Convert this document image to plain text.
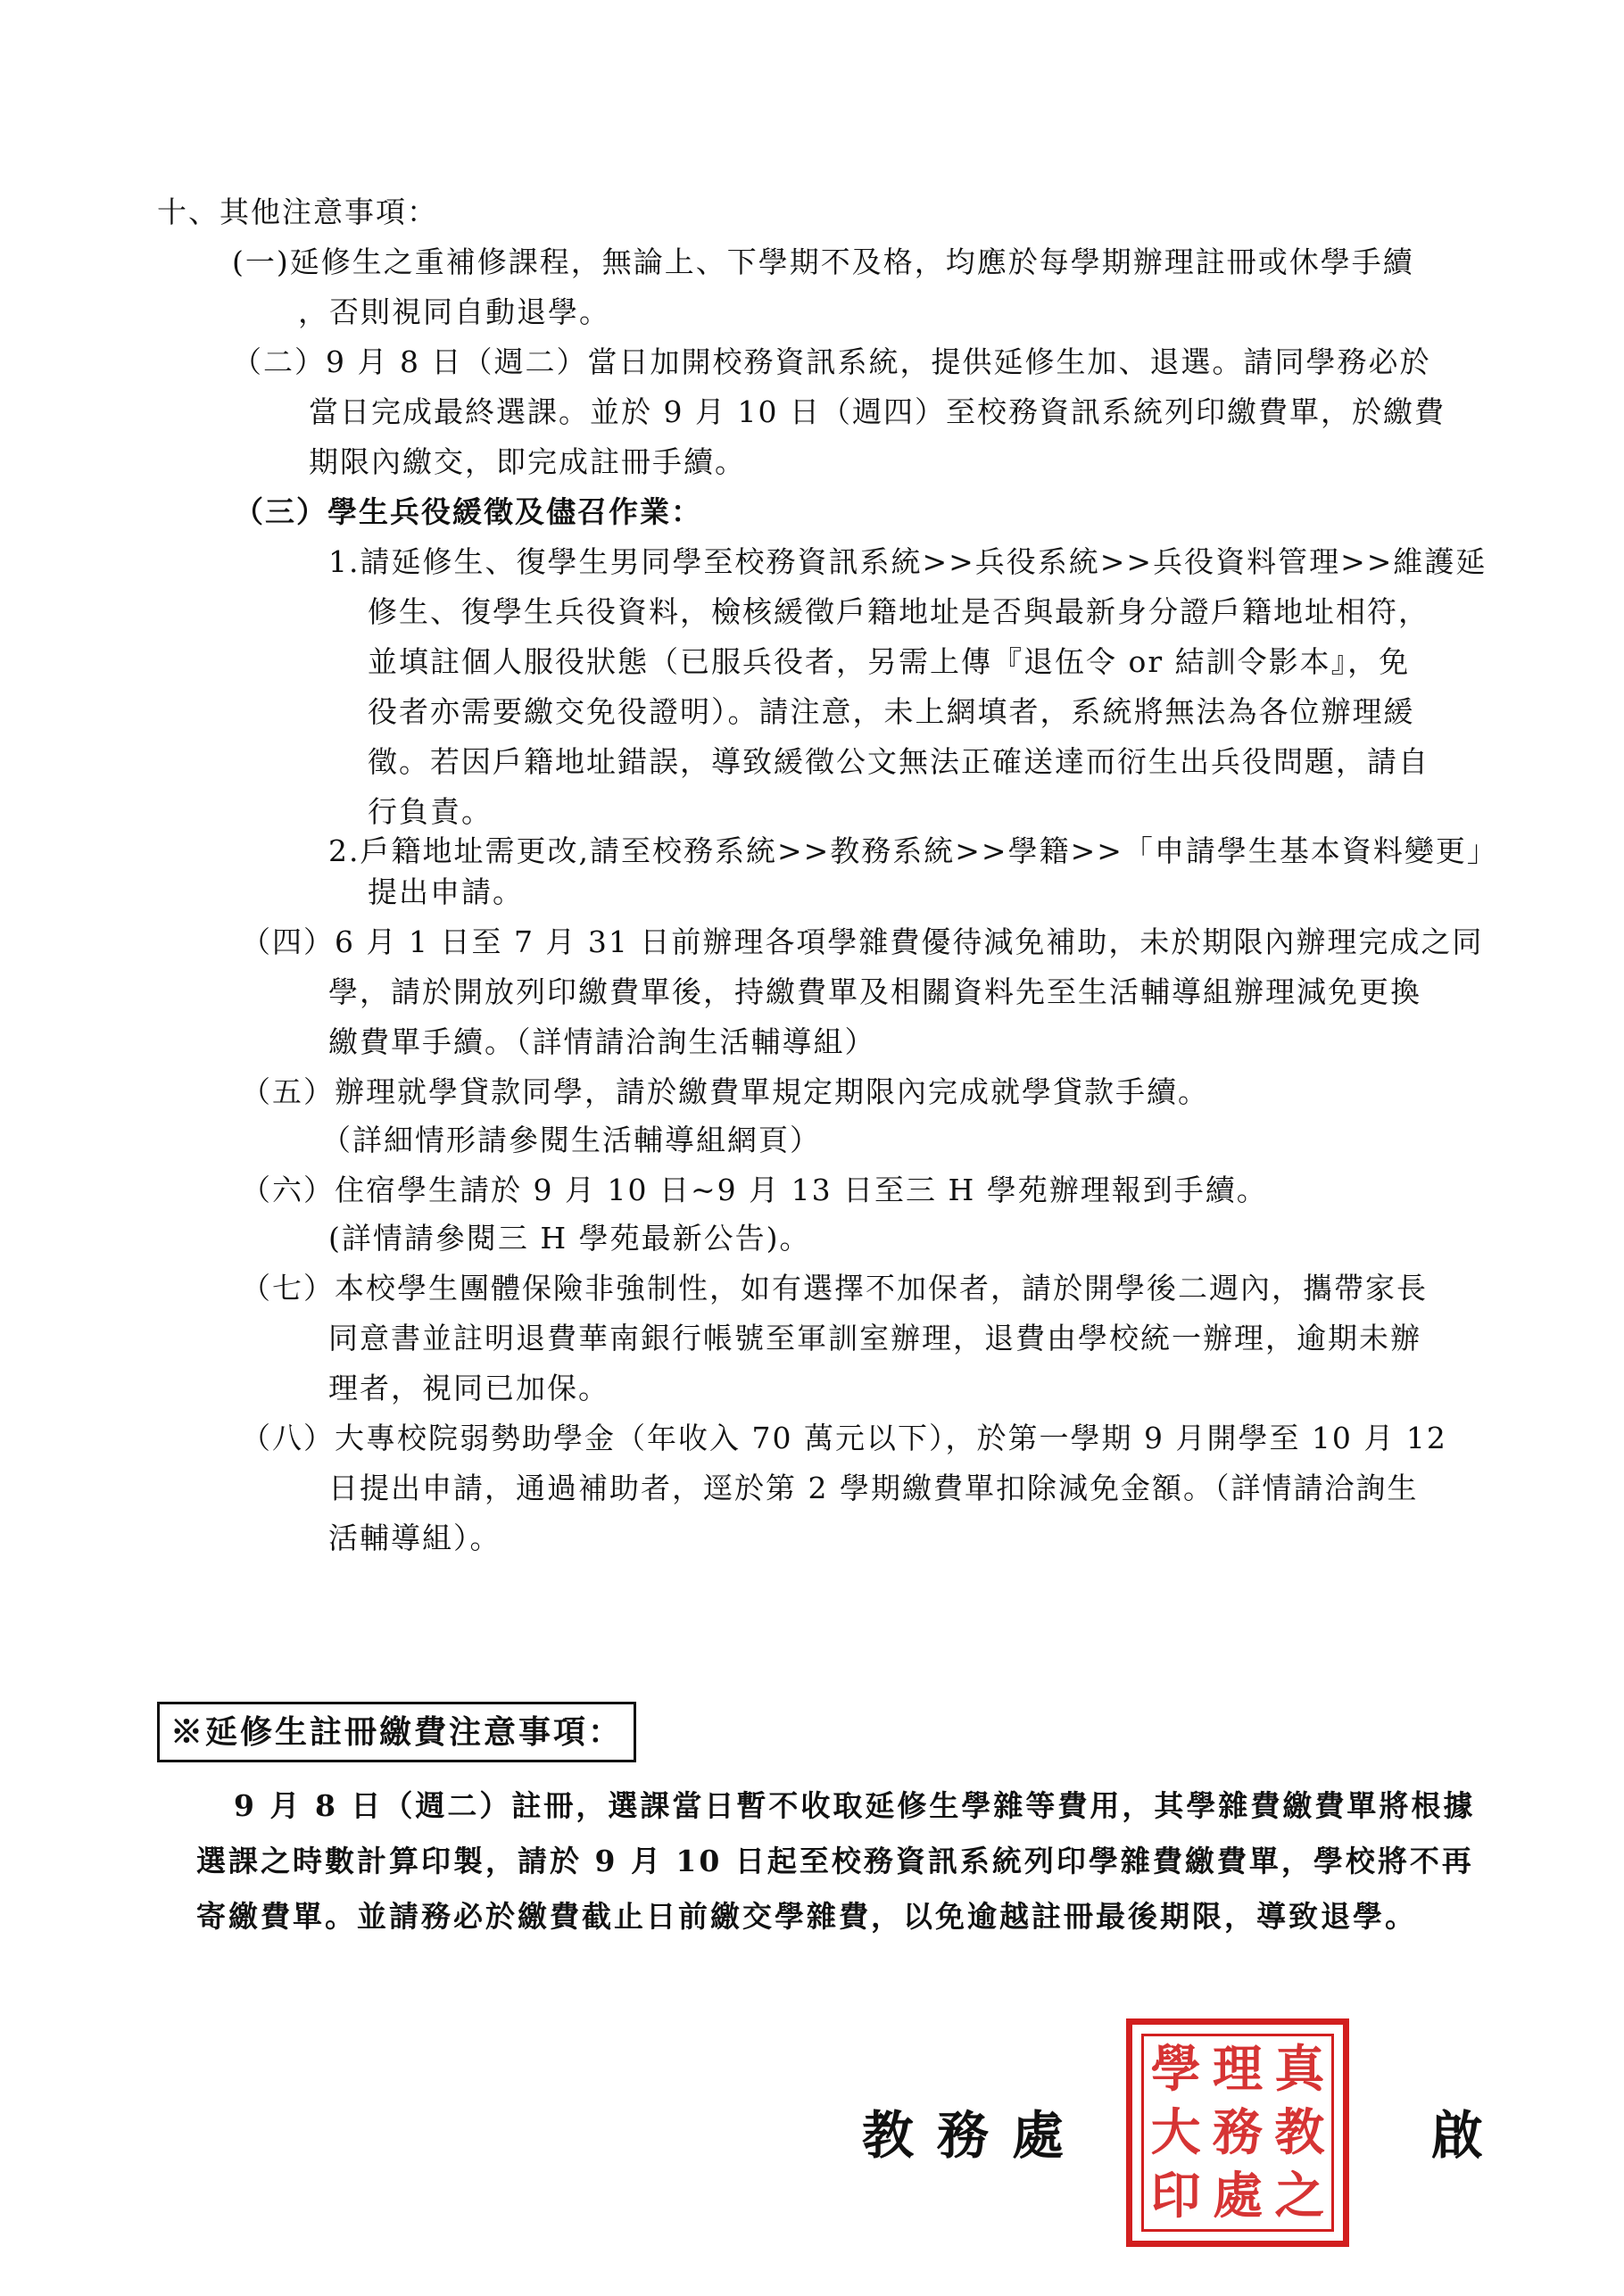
十、其他注意事項：
(一)延修生之重補修課程，無論上、下學期不及格，均應於每學期辦理註冊或休學手續
，否則視同自動退學。
（二）9 月 8 日（週二）當日加開校務資訊系統，提供延修生加、退選。請同學務必於
當日完成最終選課。並於 9 月 10 日（週四）至校務資訊系統列印繳費單，於繳費
期限內繳交，即完成註冊手續。
（三）學生兵役緩徵及儘召作業：
1.請延修生、復學生男同學至校務資訊系統>>兵役系統>>兵役資料管理>>維護延
修生、復學生兵役資料，檢核緩徵戶籍地址是否與最新身分證戶籍地址相符，
並填註個人服役狀態（已服兵役者，另需上傳『退伍令 or 結訓令影本』，免
役者亦需要繳交免役證明）。請注意，未上網填者，系統將無法為各位辦理緩
徵。若因戶籍地址錯誤，導致緩徵公文無法正確送達而衍生出兵役問題，請自
行負責。
2.戶籍地址需更改,請至校務系統>>教務系統>>學籍>>「申請學生基本資料變更」
提出申請。
（四）6 月 1 日至 7 月 31 日前辦理各項學雜費優待減免補助，未於期限內辦理完成之同
學，請於開放列印繳費單後，持繳費單及相關資料先至生活輔導組辦理減免更換
繳費單手續。（詳情請洽詢生活輔導組）
（五）辦理就學貸款同學，請於繳費單規定期限內完成就學貸款手續。
（詳細情形請參閱生活輔導組網頁）
（六）住宿學生請於 9 月 10 日~9 月 13 日至三 H 學苑辦理報到手續。
(詳情請參閱三 H 學苑最新公告)。
（七）本校學生團體保險非強制性，如有選擇不加保者，請於開學後二週內，攜帶家長
同意書並註明退費華南銀行帳號至軍訓室辦理，退費由學校統一辦理，逾期未辦
理者，視同已加保。
（八）大專校院弱勢助學金（年收入 70 萬元以下），於第一學期 9 月開學至 10 月 12
日提出申請，通過補助者，逕於第 2 學期繳費單扣除減免金額。（詳情請洽詢生
活輔導組）。
※延修生註冊繳費注意事項：
9 月 8 日（週二）註冊，選課當日暫不收取延修生學雜等費用，其學雜費繳費單將根據
選課之時數計算印製，請於 9 月 10 日起至校務資訊系統列印學雜費繳費單，學校將不再
寄繳費單。並請務必於繳費截止日前繳交學雜費，以免逾越註冊最後期限，導致退學。
教務處
學 理 真
大 務 教
印 處 之
啟
